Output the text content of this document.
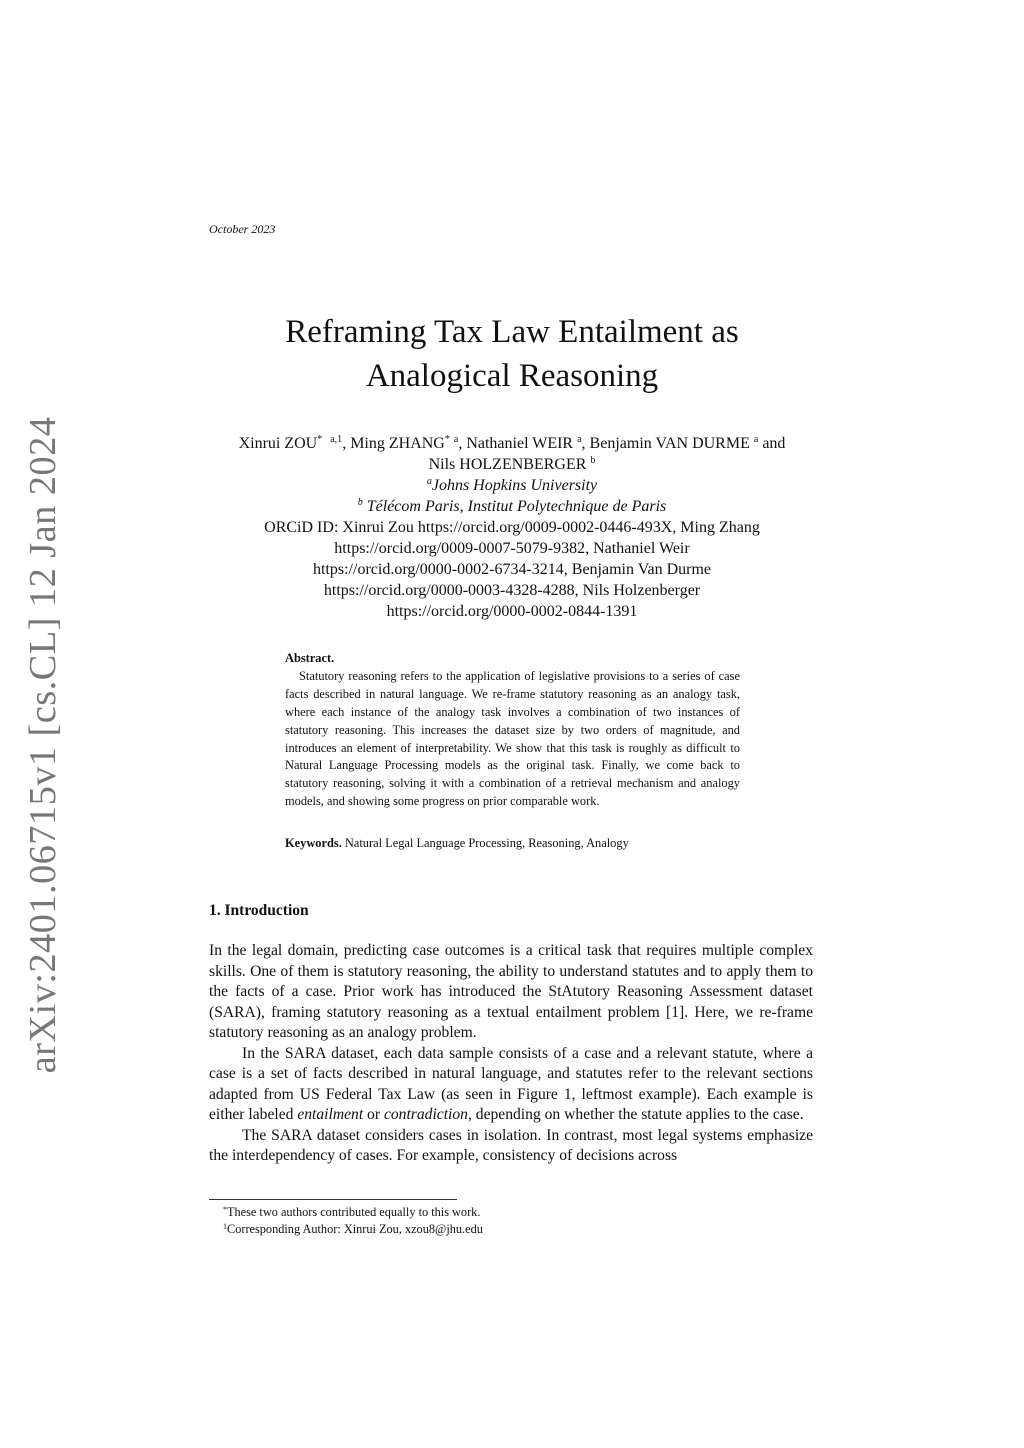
October 2023
Reframing Tax Law Entailment as
Analogical Reasoning
Xinrui ZOU* $^{a,1}$, Ming ZHANG* $^a$, Nathaniel WEIR $^a$, Benjamin VAN DURME $^a$ and
Nils HOLZENBERGER $^b$
$^a$Johns Hopkins University
$^b$ Télécom Paris, Institut Polytechnique de Paris
ORCiD ID: Xinrui Zou https://orcid.org/0009-0002-0446-493X, Ming Zhang
https://orcid.org/0009-0007-5079-9382, Nathaniel Weir
https://orcid.org/0000-0002-6734-3214, Benjamin Van Durme
https://orcid.org/0000-0003-4328-4288, Nils Holzenberger
https://orcid.org/0000-0002-0844-1391
Abstract.
Statutory reasoning refers to the application of legislative provisions to a series of case facts described in natural language. We re-frame statutory reasoning as an analogy task, where each instance of the analogy task involves a combination of two instances of statutory reasoning. This increases the dataset size by two orders of magnitude, and introduces an element of interpretability. We show that this task is roughly as difficult to Natural Language Processing models as the original task. Finally, we come back to statutory reasoning, solving it with a combination of a retrieval mechanism and analogy models, and showing some progress on prior comparable work.
Keywords. Natural Legal Language Processing, Reasoning, Analogy
1. Introduction

In the legal domain, predicting case outcomes is a critical task that requires multiple complex skills. One of them is statutory reasoning, the ability to understand statutes and to apply them to the facts of a case. Prior work has introduced the StAtutory Reasoning Assessment dataset (SARA), framing statutory reasoning as a textual entailment problem [1]. Here, we re-frame statutory reasoning as an analogy problem.

In the SARA dataset, each data sample consists of a case and a relevant statute, where a case is a set of facts described in natural language, and statutes refer to the relevant sections adapted from US Federal Tax Law (as seen in Figure 1, leftmost example). Each example is either labeled entailment or contradiction, depending on whether the statute applies to the case.

The SARA dataset considers cases in isolation. In contrast, most legal systems emphasize the interdependency of cases. For example, consistency of decisions across

*These two authors contributed equally to this work.
$^1$Corresponding Author: Xinrui Zou, xzou8@jhu.edu
arXiv:2401.06715v1 [cs.CL] 12 Jan 2024
